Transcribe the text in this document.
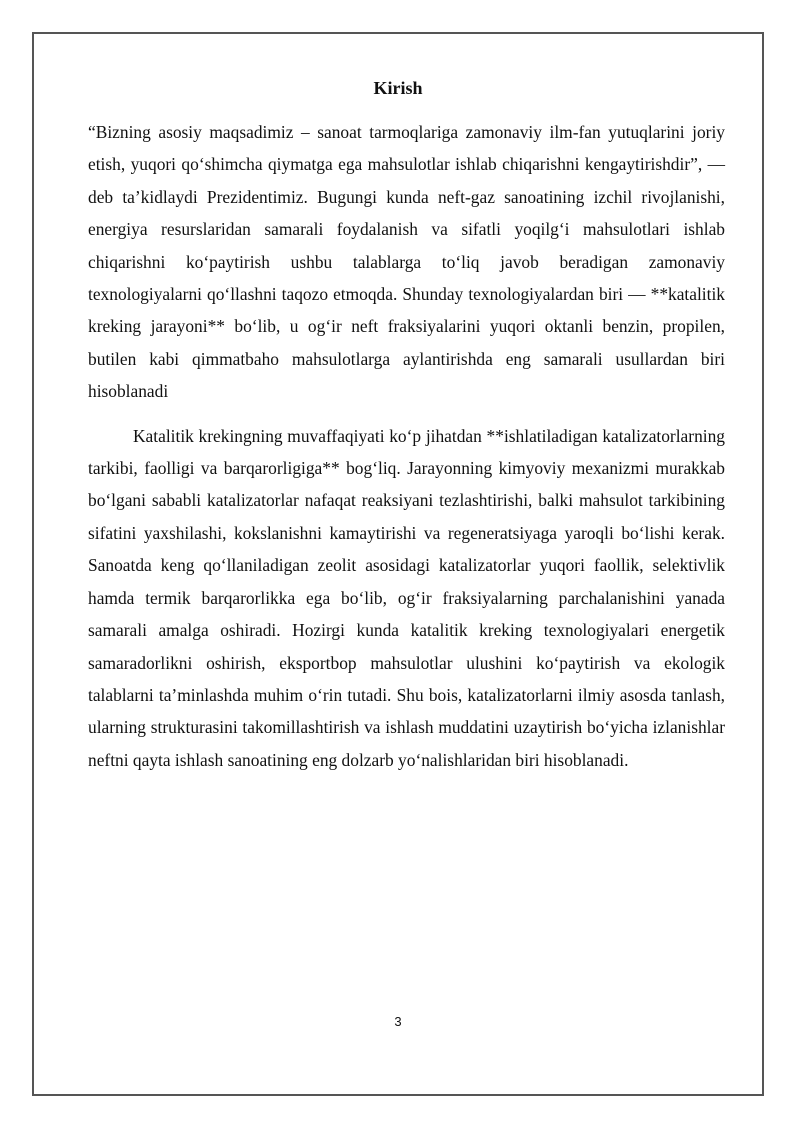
Kirish

“Bizning asosiy maqsadimiz – sanoat tarmoqlariga zamonaviy ilm-fan yutuqlarini joriy etish, yuqori qo‘shimcha qiymatga ega mahsulotlar ishlab chiqarishni kengaytirishdir”, — deb ta’kidlaydi Prezidentimiz. Bugungi kunda neft-gaz sanoatining izchil rivojlanishi, energiya resurslaridan samarali foydalanish va sifatli yoqilg‘i mahsulotlari ishlab chiqarishni ko‘paytirish ushbu talablarga to‘liq javob beradigan zamonaviy texnologiyalarni qo‘llashni taqozo etmoqda. Shunday texnologiyalardan biri — **katalitik kreking jarayoni** bo‘lib, u og‘ir neft fraksiyalarini yuqori oktanli benzin, propilen, butilen kabi qimmatbaho mahsulotlarga aylantirishda eng samarali usullardan biri hisoblanadi

Katalitik krekingning muvaffaqiyati ko‘p jihatdan **ishlatiladigan katalizatorlarning tarkibi, faolligi va barqarorligiga** bog‘liq. Jarayonning kimyoviy mexanizmi murakkab bo‘lgani sababli katalizatorlar nafaqat reaksiyani tezlashtirishi, balki mahsulot tarkibining sifatini yaxshilashi, kokslanishni kamaytirishi va regeneratsiyaga yaroqli bo‘lishi kerak. Sanoatda keng qo‘llaniladigan zeolit asosidagi katalizatorlar yuqori faollik, selektivlik hamda termik barqarorlikka ega bo‘lib, og‘ir fraksiyalarning parchalanishini yanada samarali amalga oshiradi. Hozirgi kunda katalitik kreking texnologiyalari energetik samaradorlikni oshirish, eksportbop mahsulotlar ulushini ko‘paytirish va ekologik talablarni ta’minlashda muhim o‘rin tutadi. Shu bois, katalizatorlarni ilmiy asosda tanlash, ularning strukturasini takomillashtirish va ishlash muddatini uzaytirish bo‘yicha izlanishlar neftni qayta ishlash sanoatining eng dolzarb yo‘nalishlaridan biri hisoblanadi.

3
